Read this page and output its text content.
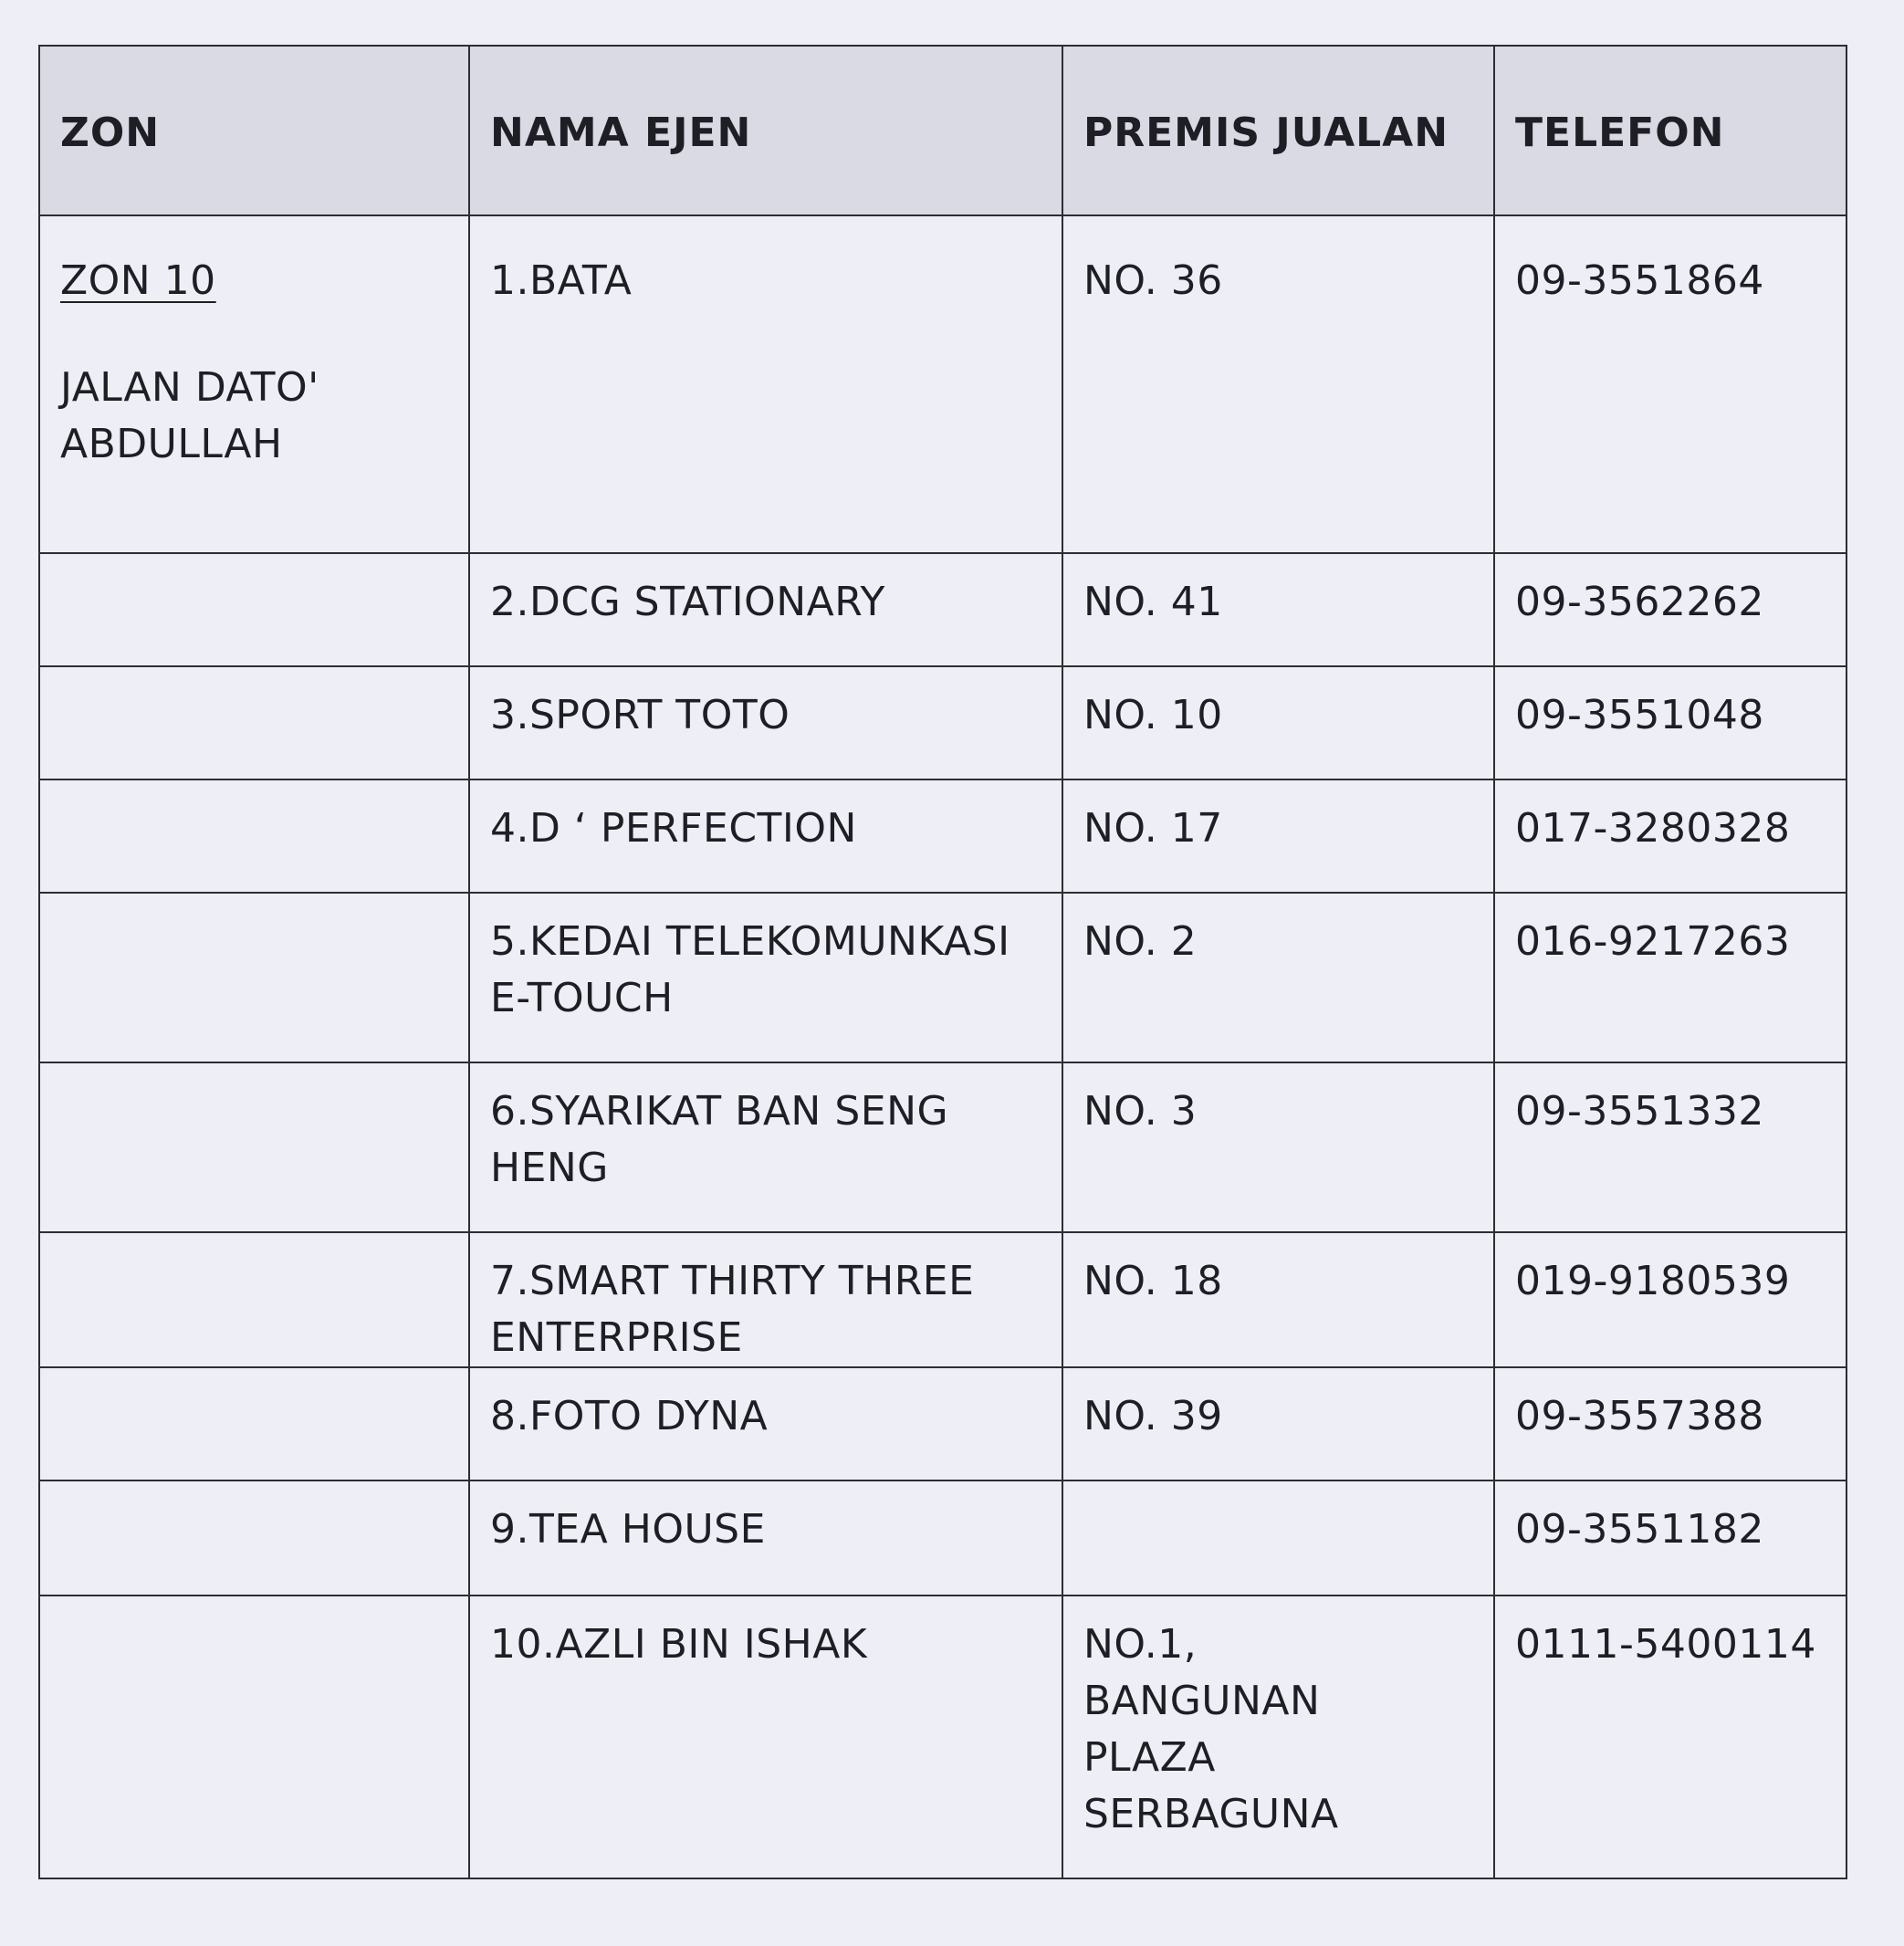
ZON	NAMA EJEN	PREMIS JUALAN	TELEFON

ZON 10
JALAN DATO'
ABDULLAH	1.BATA	NO. 36	09-3551864

	2.DCG STATIONARY	NO. 41	09-3562262
	3.SPORT TOTO	NO. 10	09-3551048
	4.D ‘ PERFECTION	NO. 17	017-3280328

	5.KEDAI TELEKOMUNKASI
E-TOUCH	NO. 2	016-9217263

	6.SYARIKAT BAN SENG
HENG	NO. 3	09-3551332

	7.SMART THIRTY THREE
ENTERPRISE	NO. 18	019-9180539
	8.FOTO DYNA	NO. 39	09-3557388
	9.TEA HOUSE		09-3551182
	10.AZLI BIN ISHAK	NO.1,
BANGUNAN
PLAZA
SERBAGUNA	0111-5400114
